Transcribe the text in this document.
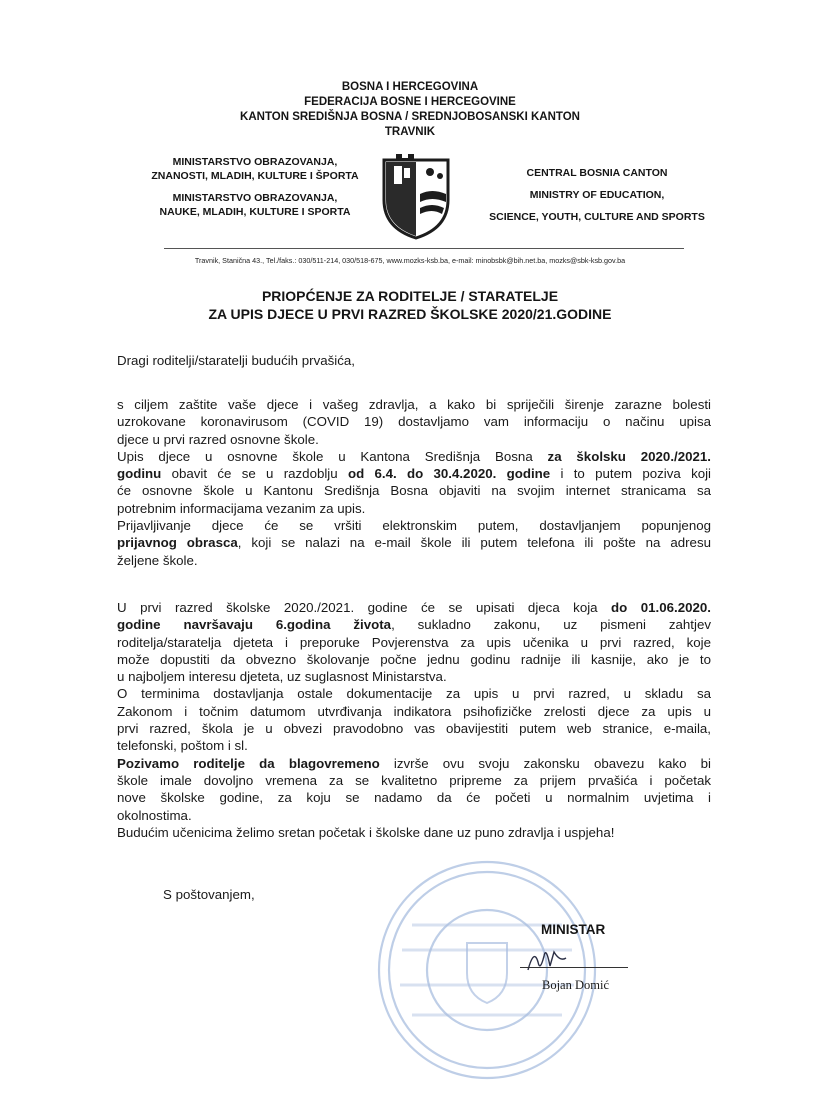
BOSNA I HERCEGOVINA
FEDERACIJA BOSNE I HERCEGOVINE
KANTON SREDIŠNJA BOSNA / SREDNJOBOSANSKI KANTON
TRAVNIK
MINISTARSTVO OBRAZOVANJA,
ZNANOSTI, MLADIH, KULTURE I ŠPORTA
MINISTARSTVO OBRAZOVANJA,
NAUKE, MLADIH, KULTURE I SPORTA
CENTRAL BOSNIA CANTON
MINISTRY OF EDUCATION,
SCIENCE, YOUTH, CULTURE AND SPORTS
Travnik, Stanična 43., Tel./faks.: 030/511-214, 030/518-675, www.mozks-ksb.ba, e-mail: minobsbk@bih.net.ba, mozks@sbk-ksb.gov.ba
PRIOPĆENJE ZA RODITELJE / STARATELJE
ZA UPIS DJECE U PRVI RAZRED ŠKOLSKE 2020/21.GODINE
Dragi roditelji/staratelji budućih prvašića,
s ciljem zaštite vaše djece i vašeg zdravlja, a kako bi spriječili širenje zarazne bolesti
uzrokovane koronavirusom (COVID 19) dostavljamo vam informaciju o načinu upisa
djece u prvi razred osnovne škole.
Upis djece u osnovne škole u Kantona Središnja Bosna za školsku 2020./2021.
godinu obavit će se u razdoblju od 6.4. do 30.4.2020. godine i to putem poziva koji
će osnovne škole u Kantonu Središnja Bosna objaviti na svojim internet stranicama sa
potrebnim informacijama vezanim za upis.
Prijavljivanje djece će se vršiti elektronskim putem, dostavljanjem popunjenog
prijavnog obrasca, koji se nalazi na e-mail škole ili putem telefona ili pošte na adresu
željene škole.
U prvi razred školske 2020./2021. godine će se upisati djeca koja do 01.06.2020.
godine navršavaju 6.godina života, sukladno zakonu, uz pismeni zahtjev
roditelja/staratelja djeteta i preporuke Povjerenstva za upis učenika u prvi razred, koje
može dopustiti da obvezno školovanje počne jednu godinu radnije ili kasnije, ako je to
u najboljem interesu djeteta, uz suglasnost Ministarstva.
O terminima dostavljanja ostale dokumentacije za upis u prvi razred, u skladu sa
Zakonom i točnim datumom utvrđivanja indikatora psihofizičke zrelosti djece za upis u
prvi razred, škola je u obvezi pravodobno vas obavijestiti putem web stranice, e-maila,
telefonski, poštom i sl.
Pozivamo roditelje da blagovremeno izvrše ovu svoju zakonsku obavezu kako bi
škole imale dovoljno vremena za se kvalitetno pripreme za prijem prvašića i početak
nove školske godine, za koju se nadamo da će početi u normalnim uvjetima i
okolnostima.
Budućim učenicima želimo sretan početak i školske dane uz puno zdravlja i uspjeha!
S poštovanjem,
MINISTAR
Bojan Domić
